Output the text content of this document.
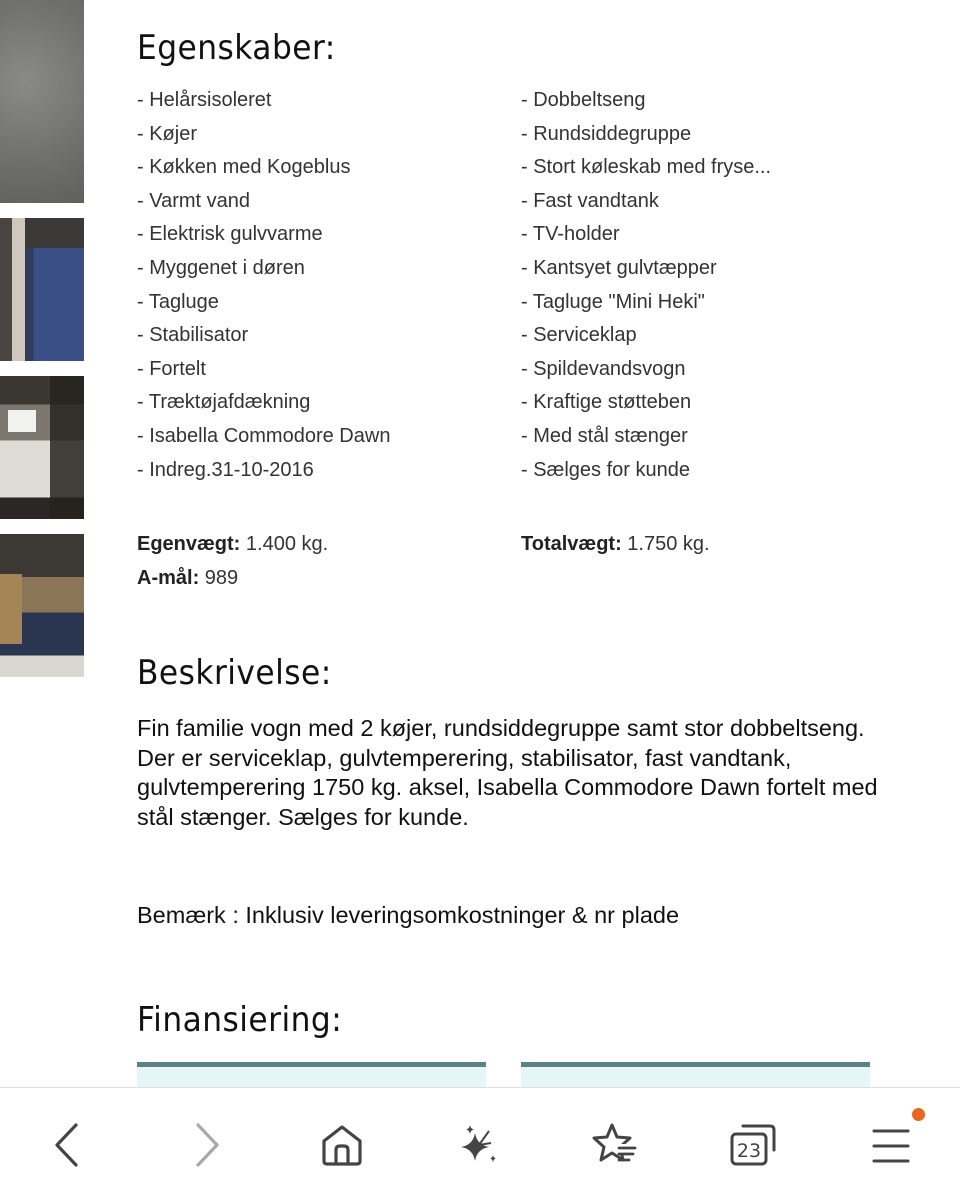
Egenskaber:
- Helårsisoleret
- Køjer
- Køkken med Kogeblus
- Varmt vand
- Elektrisk gulvvarme
- Myggenet i døren
- Tagluge
- Stabilisator
- Fortelt
- Træktøjafdækning
- Isabella Commodore Dawn
- Indreg.31-10-2016
- Dobbeltseng
- Rundsiddegruppe
- Stort køleskab med fryse...
- Fast vandtank
- TV-holder
- Kantsyet gulvtæpper
- Tagluge "Mini Heki"
- Serviceklap
- Spildevandsvogn
- Kraftige støtteben
- Med stål stænger
- Sælges for kunde
Egenvægt: 1.400 kg.	Totalvægt: 1.750 kg.
A-mål: 989
Beskrivelse:
Fin familie vogn med 2 køjer, rundsiddegruppe samt stor dobbeltseng. Der er serviceklap, gulvtemperering, stabilisator, fast vandtank, gulvtemperering 1750 kg. aksel, Isabella Commodore Dawn fortelt med stål stænger. Sælges for kunde.
Bemærk : Inklusiv leveringsomkostninger & nr plade
Finansiering:
23
